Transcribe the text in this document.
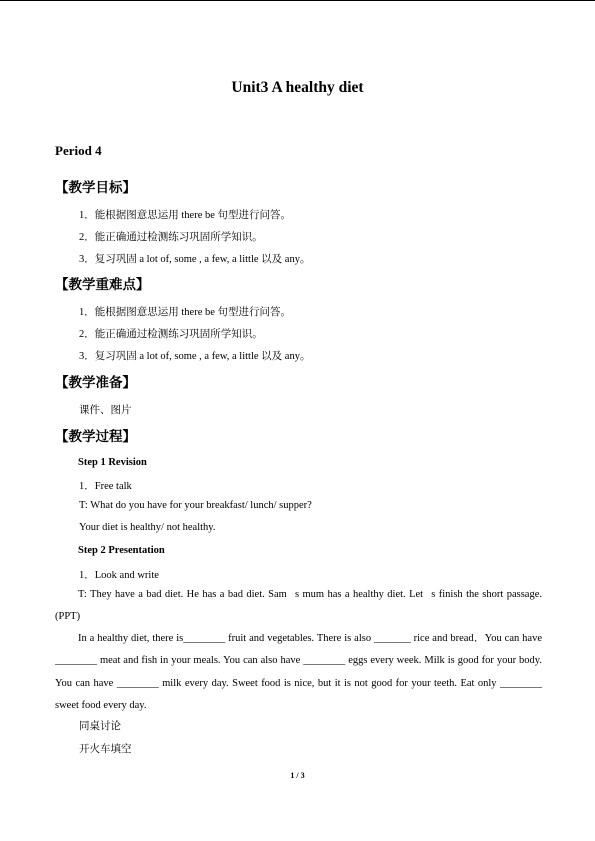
Unit3 A healthy diet
Period 4
【教学目标】
1．能根据图意思运用 there be 句型进行问答。
2．能正确通过检测练习巩固所学知识。
3．复习巩固 a lot of, some , a few, a little 以及 any。
【教学重难点】
1．能根据图意思运用 there be 句型进行问答。
2．能正确通过检测练习巩固所学知识。
3．复习巩固 a lot of, some , a few, a little 以及 any。
【教学准备】
课件、图片
【教学过程】
Step 1 Revision
1．Free talk
T: What do you have for your breakfast/ lunch/ supper?
Your diet is healthy/ not healthy.
Step 2 Presentation
1．Look and write
T: They have a bad diet. He has a bad diet. Sam s mum has a healthy diet. Let s finish the short passage. (PPT)
In a healthy diet, there is________ fruit and vegetables. There is also _______ rice and bread．You can have ________ meat and fish in your meals. You can also have ________ eggs every week. Milk is good for your body. You can have ________ milk every day. Sweet food is nice, but it is not good for your teeth. Eat only ________ sweet food every day.
同桌讨论
开火车填空
1 / 3
